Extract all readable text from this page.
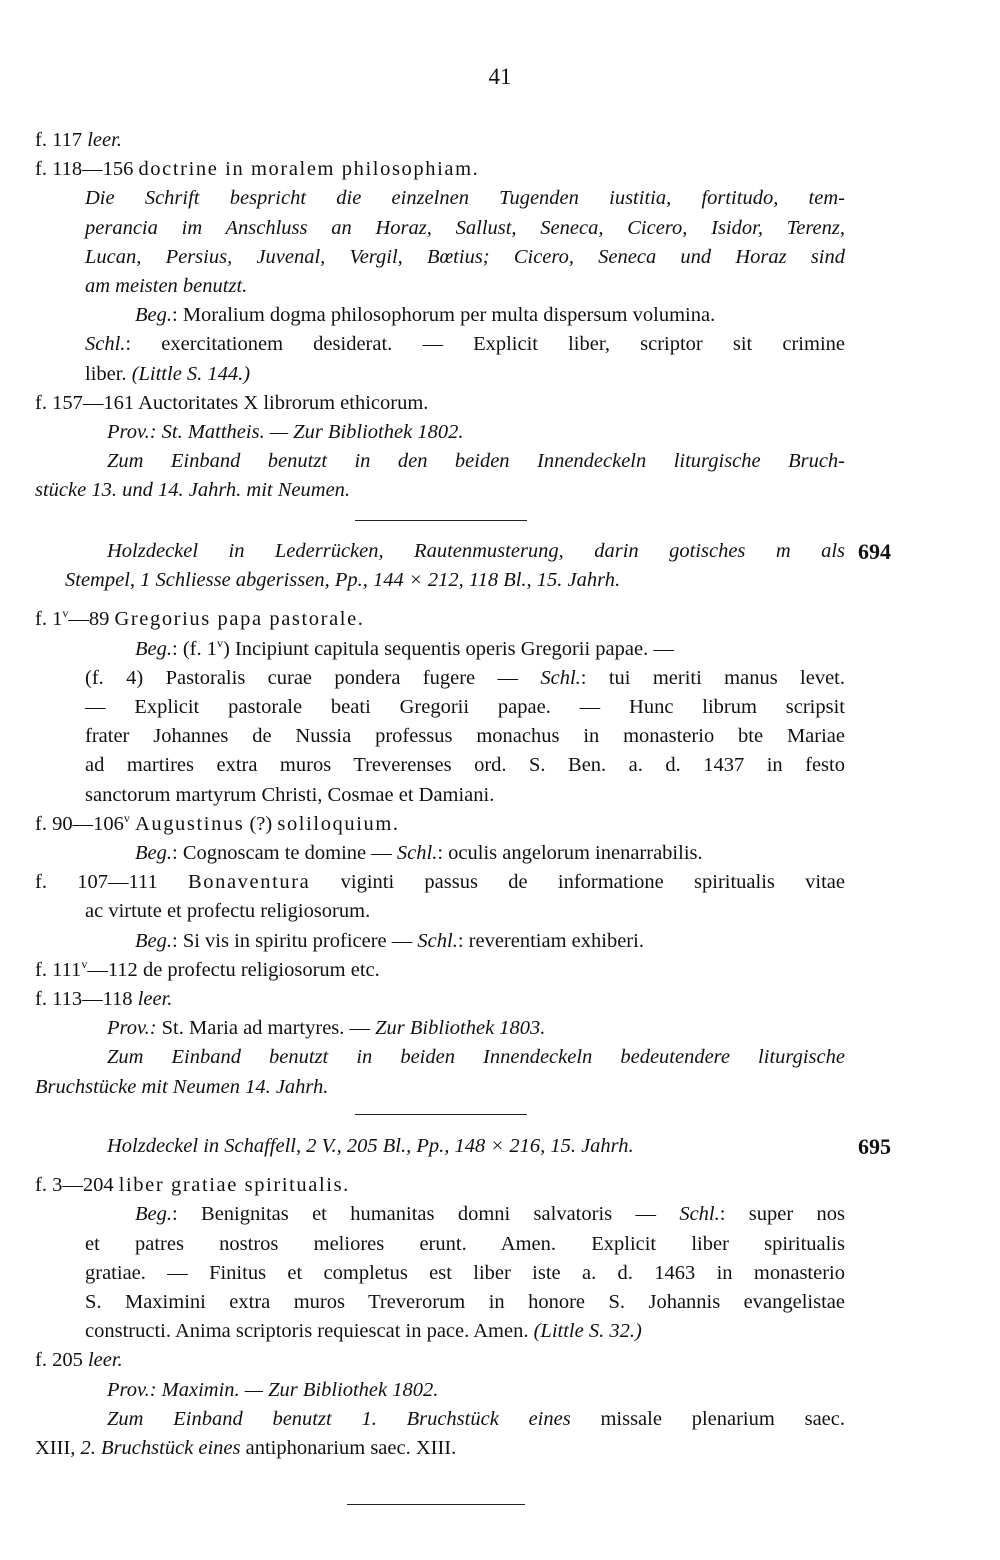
41
f. 117 leer.
f. 118—156 doctrine in moralem philosophiam.
Die Schrift bespricht die einzelnen Tugenden iustitia, fortitudo, tem-
perancia im Anschluss an Horaz, Sallust, Seneca, Cicero, Isidor, Terenz,
Lucan, Persius, Juvenal, Vergil, Bœtius; Cicero, Seneca und Horaz sind
am meisten benutzt.
Beg.: Moralium dogma philosophorum per multa dispersum volumina.
Schl.: exercitationem desiderat. — Explicit liber, scriptor sit crimine
liber. (Little S. 144.)
f. 157—161 Auctoritates X librorum ethicorum.
Prov.: St. Mattheis. — Zur Bibliothek 1802.
Zum Einband benutzt in den beiden Innendeckeln liturgische Bruch-
stücke 13. und 14. Jahrh. mit Neumen.
694
Holzdeckel in Lederrücken, Rautenmusterung, darin gotisches m als
Stempel, 1 Schliesse abgerissen, Pp., 144 × 212, 118 Bl., 15. Jahrh.
f. 1$^v$—89 Gregorius papa pastorale.
Beg.: (f. 1$^v$) Incipiunt capitula sequentis operis Gregorii papae. —
(f. 4) Pastoralis curae pondera fugere — Schl.: tui meriti manus levet.
— Explicit pastorale beati Gregorii papae. — Hunc librum scripsit
frater Johannes de Nussia professus monachus in monasterio bte Mariae
ad martires extra muros Treverenses ord. S. Ben. a. d. 1437 in festo
sanctorum martyrum Christi, Cosmae et Damiani.
f. 90—106$^v$ Augustinus (?) soliloquium.
Beg.: Cognoscam te domine — Schl.: oculis angelorum inenarrabilis.
f. 107—111 Bonaventura viginti passus de informatione spiritualis vitae
ac virtute et profectu religiosorum.
Beg.: Si vis in spiritu proficere — Schl.: reverentiam exhiberi.
f. 111$^v$—112 de profectu religiosorum etc.
f. 113—118 leer.
Prov.: St. Maria ad martyres. — Zur Bibliothek 1803.
Zum Einband benutzt in beiden Innendeckeln bedeutendere liturgische
Bruchstücke mit Neumen 14. Jahrh.
695
Holzdeckel in Schaffell, 2 V., 205 Bl., Pp., 148 × 216, 15. Jahrh.
f. 3—204 liber gratiae spiritualis.
Beg.: Benignitas et humanitas domni salvatoris — Schl.: super nos
et patres nostros meliores erunt. Amen. Explicit liber spiritualis
gratiae. — Finitus et completus est liber iste a. d. 1463 in monasterio
S. Maximini extra muros Treverorum in honore S. Johannis evangelistae
constructi. Anima scriptoris requiescat in pace. Amen. (Little S. 32.)
f. 205 leer.
Prov.: Maximin. — Zur Bibliothek 1802.
Zum Einband benutzt 1. Bruchstück eines missale plenarium saec.
XIII, 2. Bruchstück eines antiphonarium saec. XIII.
